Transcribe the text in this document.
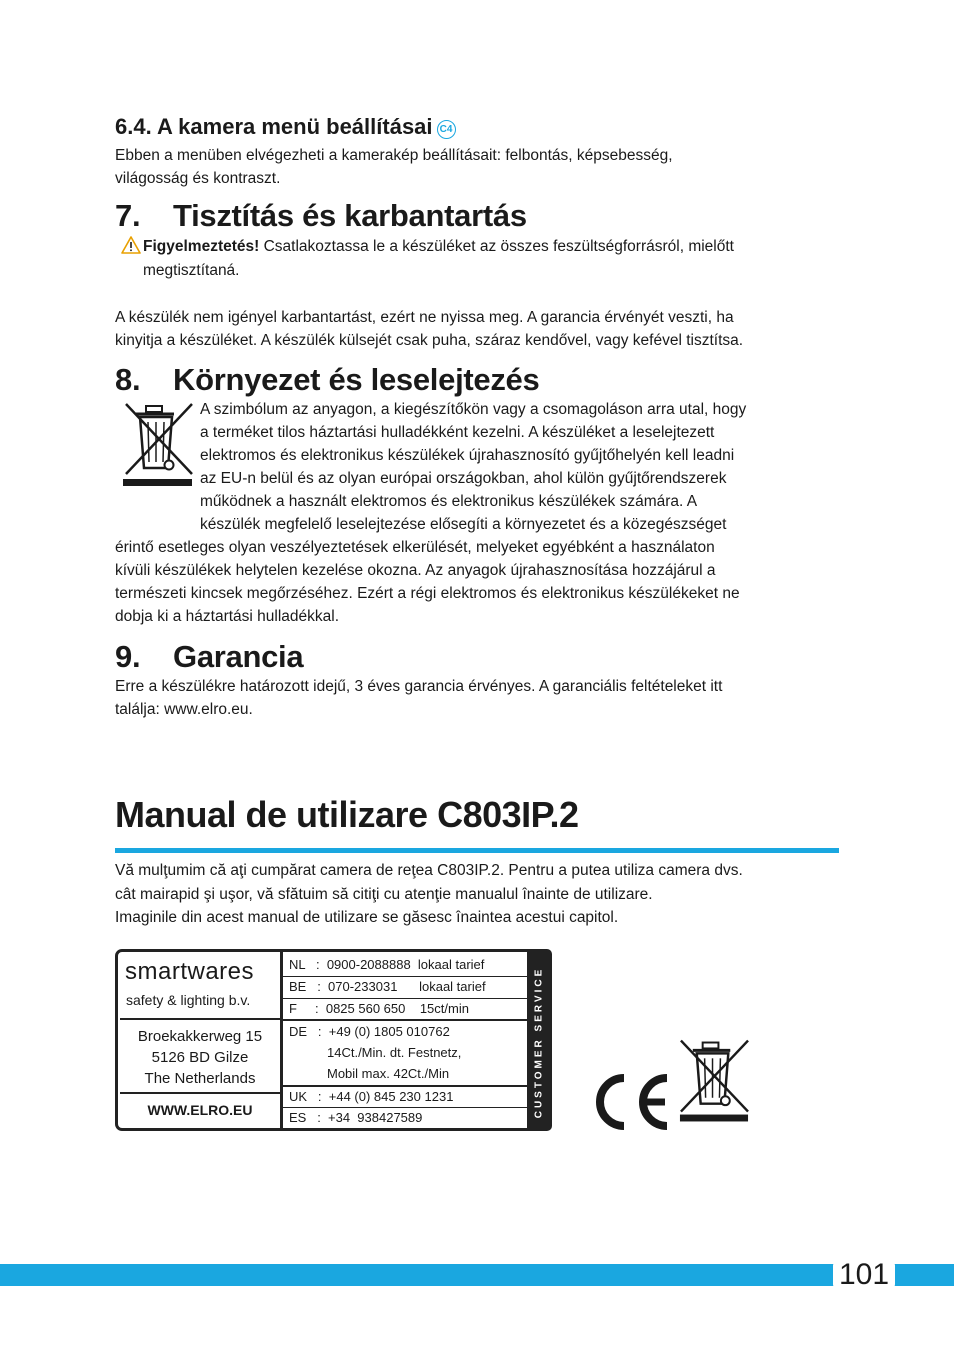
6.4. A kamera menü beállításai C4

Ebben a menüben elvégezheti a kamerakép beállításait: felbontás, képsebesség,

világosság és kontraszt.

7. Tisztítás és karbantartás

Figyelmeztetés! Csatlakoztassa le a készüléket az összes feszültségforrásról, mielőtt

megtisztítaná.

A készülék nem igényel karbantartást, ezért ne nyissa meg. A garancia érvényét veszti, ha

kinyitja a készüléket. A készülék külsejét csak puha, száraz kendővel, vagy kefével tisztítsa.

8. Környezet és leselejtezés

A szimbólum az anyagon, a kiegészítőkön vagy a csomagoláson arra utal, hogy

a terméket tilos háztartási hulladékként kezelni. A készüléket a leselejtezett

elektromos és elektronikus készülékek újrahasznosító gyűjtőhelyén kell leadni

az EU-n belül és az olyan európai országokban, ahol külön gyűjtőrendszerek

működnek a használt elektromos és elektronikus készülékek számára. A

készülék megfelelő leselejtezése elősegíti a környezetet és a közegészséget

érintő esetleges olyan veszélyeztetések elkerülését, melyeket egyébként a használaton

kívüli készülékek helytelen kezelése okozna. Az anyagok újrahasznosítása hozzájárul a

természeti kincsek megőrzéséhez. Ezért a régi elektromos és elektronikus készülékeket ne

dobja ki a háztartási hulladékkal.

9. Garancia

Erre a készülékre határozott idejű, 3 éves garancia érvényes. A garanciális feltételeket itt

találja: www.elro.eu.

Manual de utilizare C803IP.2

Vă mulţumim că aţi cumpărat camera de reţea C803IP.2. Pentru a putea utiliza camera dvs.

cât mairapid şi uşor, vă sfătuim să citiţi cu atenţie manualul înainte de utilizare.

Imaginile din acest manual de utilizare se găsesc înaintea acestui capitol.

smartwares
safety & lighting b.v.
Broekakkerweg 15
5126 BD Gilze
The Netherlands
WWW.ELRO.EU
NL :  0900-2088888  lokaal tarief
BE :  070-233031      lokaal tarief
F :  0825 560 650    15ct/min
DE :  +49 (0) 1805 010762
14Ct./Min. dt. Festnetz,
Mobil max. 42Ct./Min
UK :  +44 (0) 845 230 1231
ES :  +34  938427589	CUSTOMER SERVICE
101
